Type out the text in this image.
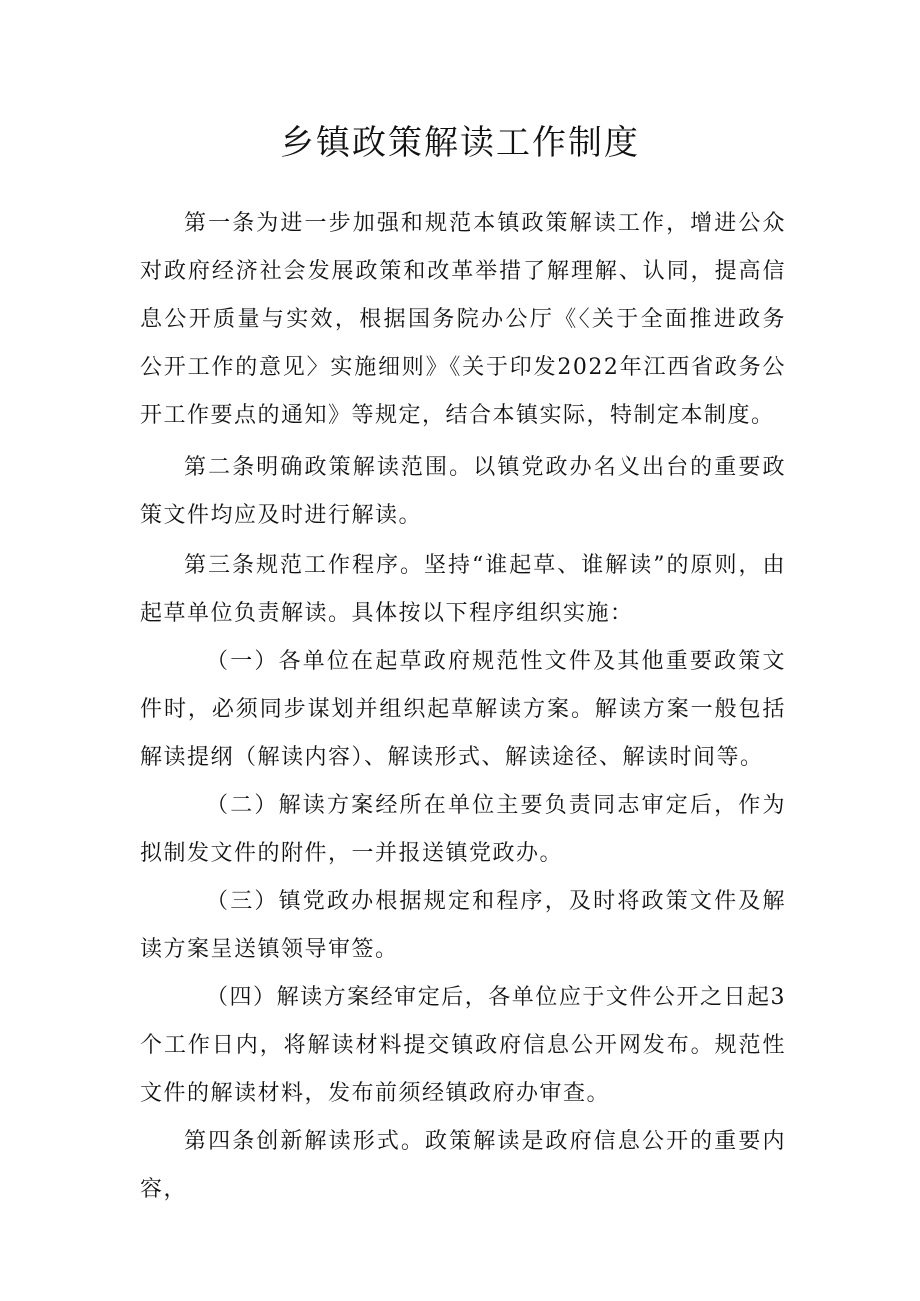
乡镇政策解读工作制度

第一条为进一步加强和规范本镇政策解读工作，增进公众对政府经济社会发展政策和改革举措了解理解、认同，提高信息公开质量与实效，根据国务院办公厅《〈关于全面推进政务公开工作的意见〉实施细则》《关于印发2022年江西省政务公开工作要点的通知》等规定，结合本镇实际，特制定本制度。

第二条明确政策解读范围。以镇党政办名义出台的重要政策文件均应及时进行解读。

第三条规范工作程序。坚持“谁起草、谁解读”的原则，由起草单位负责解读。具体按以下程序组织实施：

（一）各单位在起草政府规范性文件及其他重要政策文件时，必须同步谋划并组织起草解读方案。解读方案一般包括解读提纲（解读内容）、解读形式、解读途径、解读时间等。

（二）解读方案经所在单位主要负责同志审定后，作为拟制发文件的附件，一并报送镇党政办。

（三）镇党政办根据规定和程序，及时将政策文件及解读方案呈送镇领导审签。

（四）解读方案经审定后，各单位应于文件公开之日起3个工作日内，将解读材料提交镇政府信息公开网发布。规范性文件的解读材料，发布前须经镇政府办审查。

第四条创新解读形式。政策解读是政府信息公开的重要内容，
